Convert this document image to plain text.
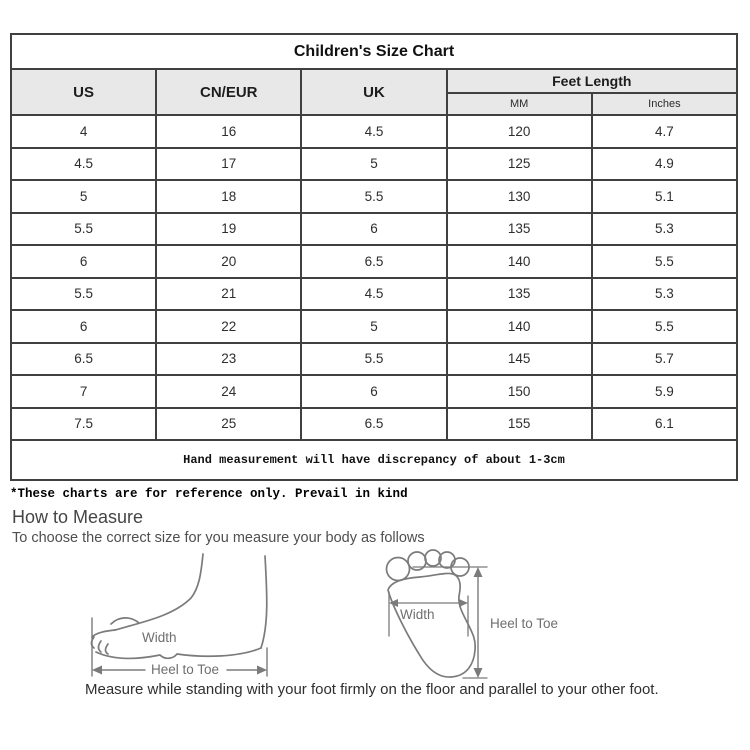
Children's Size Chart				
US	CN/EUR	UK	Feet Length	
			MM	Inches
4	16	4.5	120	4.7
4.5	17	5	125	4.9
5	18	5.5	130	5.1
5.5	19	6	135	5.3
6	20	6.5	140	5.5
5.5	21	4.5	135	5.3
6	22	5	140	5.5
6.5	23	5.5	145	5.7
7	24	6	150	5.9
7.5	25	6.5	155	6.1
Hand measurement will have discrepancy of about 1-3cm				
*These charts are for reference only. Prevail in kind
How to Measure
To choose the correct size for you measure your body as follows
Width
Heel to Toe
Width
Heel to Toe
Measure while standing with your foot firmly on the floor and parallel to your other foot.
